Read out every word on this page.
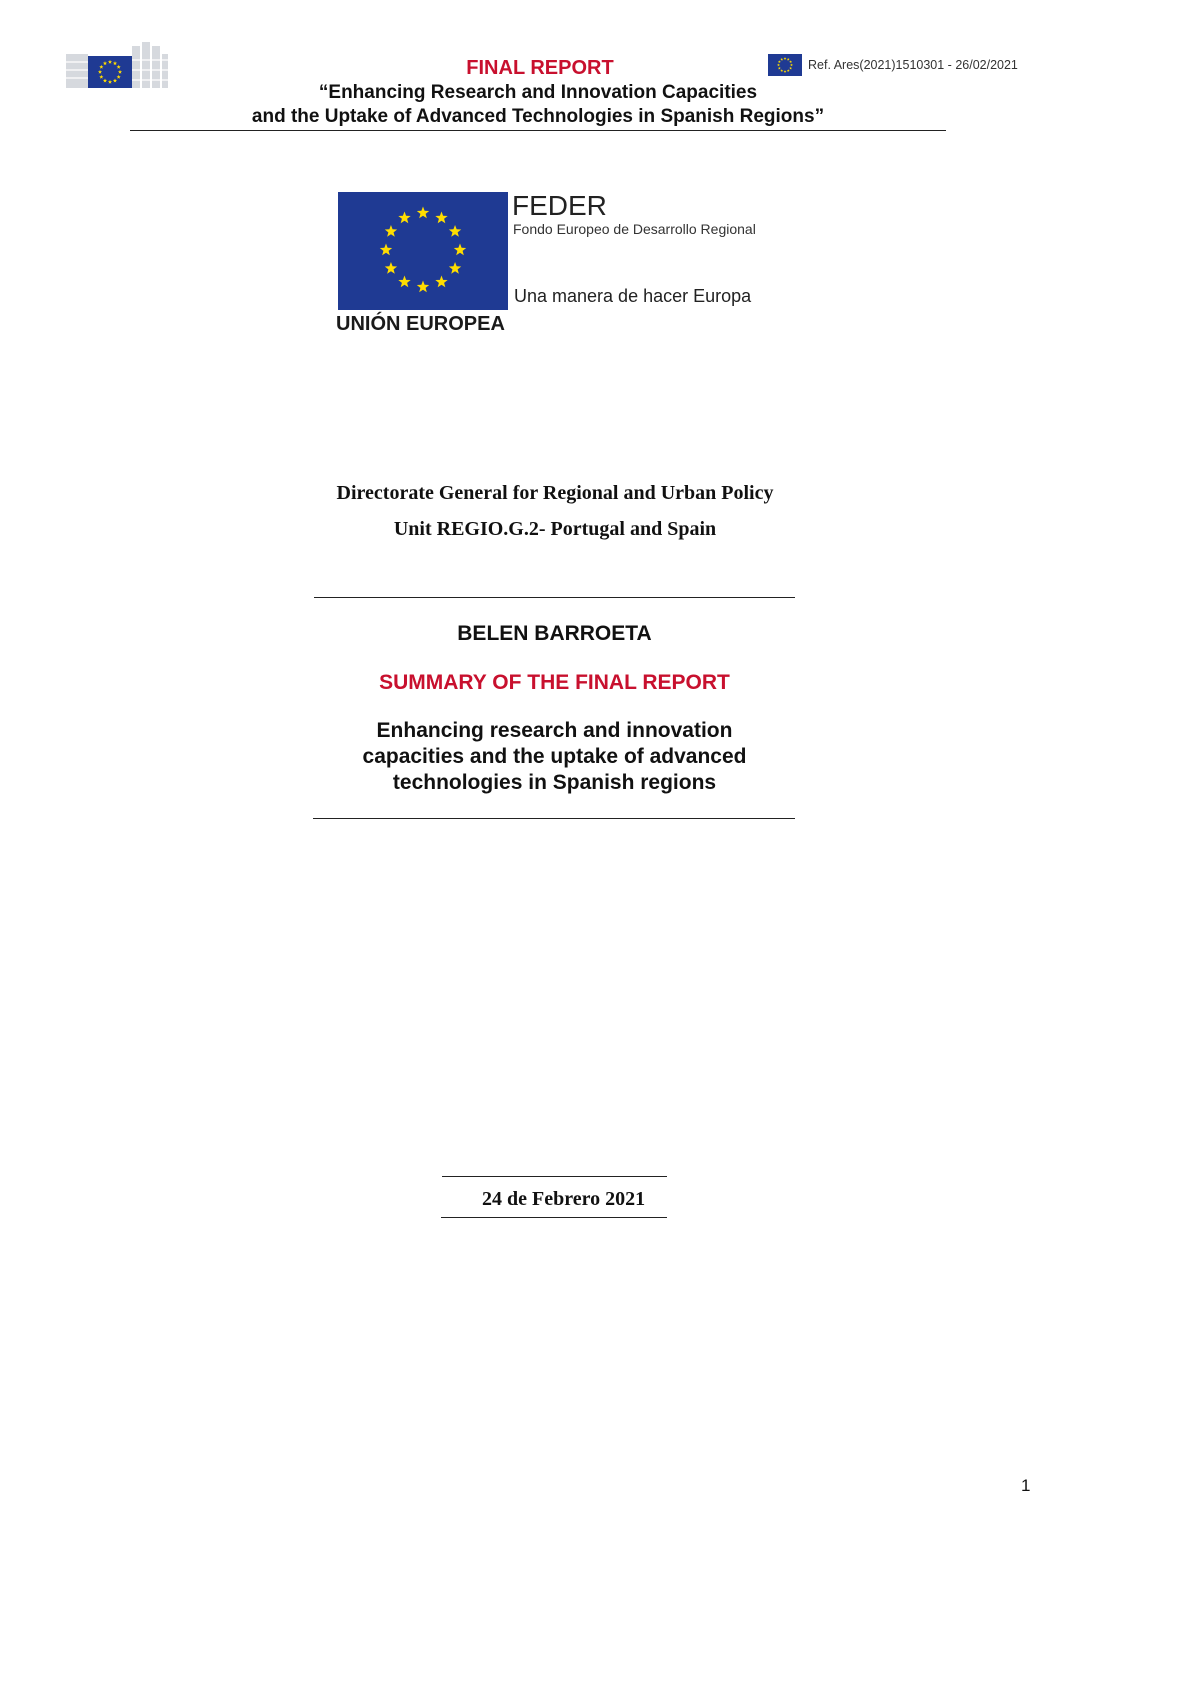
FINAL REPORT	Ref. Ares(2021)1510301 - 26/02/2021
“Enhancing Research and Innovation Capacities
and the Uptake of Advanced Technologies in Spanish Regions”
FEDER
Fondo Europeo de Desarrollo Regional
Una manera de hacer Europa
UNIÓN EUROPEA
Directorate General for Regional and Urban Policy
Unit REGIO.G.2- Portugal and Spain
BELEN BARROETA
SUMMARY OF THE FINAL REPORT
Enhancing research and innovation
capacities and the uptake of advanced
technologies in Spanish regions
24 de Febrero 2021
1
